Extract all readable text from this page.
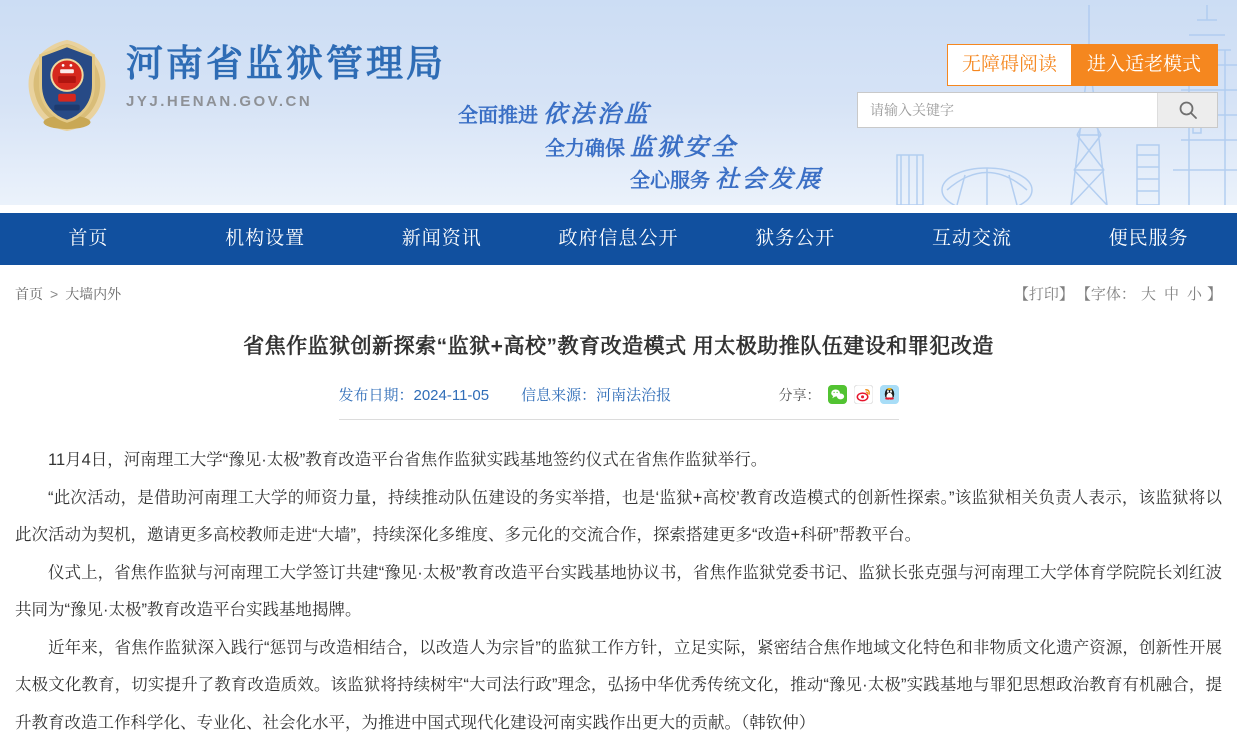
河南省监狱管理局
JYJ.HENAN.GOV.CN
全面推进 依法治监
全力确保 监狱安全
全心服务 社会发展
无障碍阅读	进入适老模式
请输入关键字
首页	机构设置	新闻资讯	政府信息公开	狱务公开	互动交流	便民服务
首页 > 大墙内外	【打印】 【字体： 大 中 小 】
省焦作监狱创新探索“监狱+高校”教育改造模式 用太极助推队伍建设和罪犯改造
发布日期：2024-11-05 信息来源：河南法治报	分享：

11月4日，河南理工大学“豫见·太极”教育改造平台省焦作监狱实践基地签约仪式在省焦作监狱举行。

“此次活动，是借助河南理工大学的师资力量，持续推动队伍建设的务实举措，也是‘监狱+高校’教育改造模式的创新性探索。”该监狱相关负责人表示，该监狱将以此次活动为契机，邀请更多高校教师走进“大墙”，持续深化多维度、多元化的交流合作，探索搭建更多“改造+科研”帮教平台。

仪式上，省焦作监狱与河南理工大学签订共建“豫见·太极”教育改造平台实践基地协议书，省焦作监狱党委书记、监狱长张克强与河南理工大学体育学院院长刘红波共同为“豫见·太极”教育改造平台实践基地揭牌。

近年来，省焦作监狱深入践行“惩罚与改造相结合，以改造人为宗旨”的监狱工作方针，立足实际，紧密结合焦作地域文化特色和非物质文化遗产资源，创新性开展太极文化教育，切实提升了教育改造质效。该监狱将持续树牢“大司法行政”理念，弘扬中华优秀传统文化，推动“豫见·太极”实践基地与罪犯思想政治教育有机融合，提升教育改造工作科学化、专业化、社会化水平，为推进中国式现代化建设河南实践作出更大的贡献。（韩钦仲）
